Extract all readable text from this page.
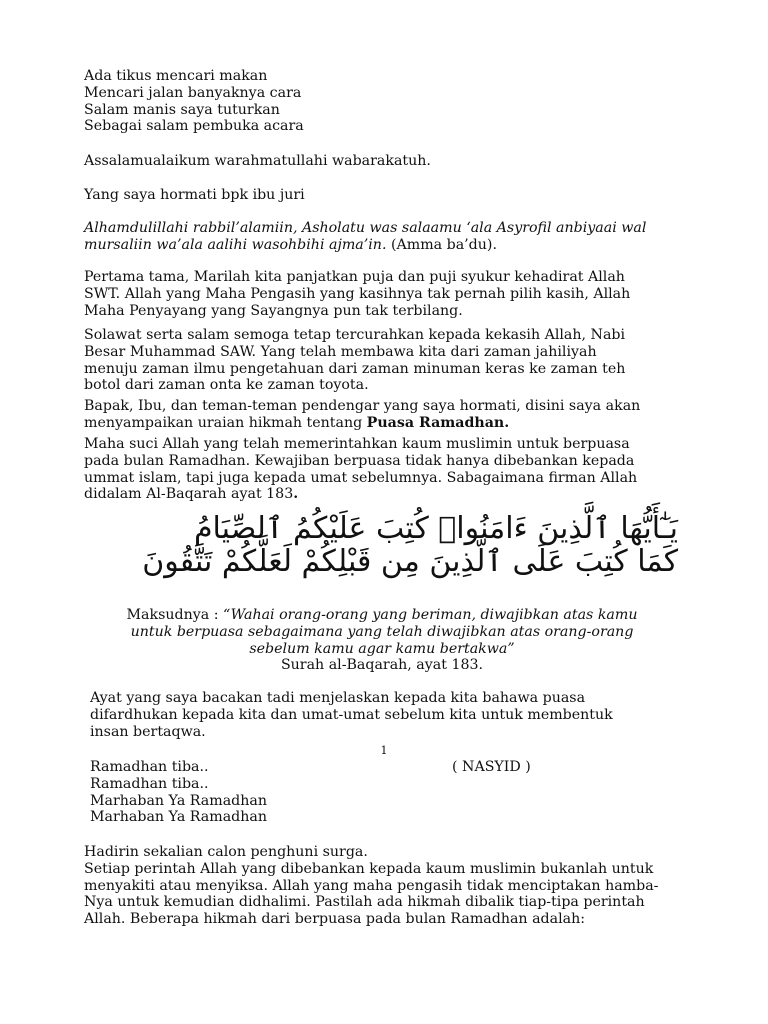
Ada tikus mencari makan
Mencari jalan banyaknya cara
Salam manis saya tuturkan
Sebagai salam pembuka acara
Assalamualaikum warahmatullahi wabarakatuh.
Yang saya hormati bpk ibu juri
Alhamdulillahi rabbil’alamiin, Asholatu was salaamu ‘ala Asyrofil anbiyaai wal
mursaliin wa’ala aalihi wasohbihi ajma’in. (Amma ba’du).
Pertama tama, Marilah kita panjatkan puja dan puji syukur kehadirat Allah
SWT. Allah yang Maha Pengasih yang kasihnya tak pernah pilih kasih, Allah
Maha Penyayang yang Sayangnya pun tak terbilang.
Solawat serta salam semoga tetap tercurahkan kepada kekasih Allah, Nabi
Besar Muhammad SAW. Yang telah membawa kita dari zaman jahiliyah
menuju zaman ilmu pengetahuan dari zaman minuman keras ke zaman teh
botol dari zaman onta ke zaman toyota.
Bapak, Ibu, dan teman-teman pendengar yang saya hormati, disini saya akan
menyampaikan uraian hikmah tentang Puasa Ramadhan.
Maha suci Allah yang telah memerintahkan kaum muslimin untuk berpuasa
pada bulan Ramadhan. Kewajiban berpuasa tidak hanya dibebankan kepada
ummat islam, tapi juga kepada umat sebelumnya. Sabagaimana firman Allah
didalam Al-Baqarah ayat 183.
يَـٰٓأَيُّهَا ٱلَّذِينَ ءَامَنُوا۟ كُتِبَ عَلَيْكُمُ ٱلصِّيَامُ
كَمَا كُتِبَ عَلَى ٱلَّذِينَ مِن قَبْلِكُمْ لَعَلَّكُمْ تَتَّقُونَ
Maksudnya : “Wahai orang-orang yang beriman, diwajibkan atas kamu
untuk berpuasa sebagaimana yang telah diwajibkan atas orang-orang
sebelum kamu agar kamu bertakwa”
Surah al-Baqarah, ayat 183.
Ayat yang saya bacakan tadi menjelaskan kepada kita bahawa puasa
difardhukan kepada kita dan umat-umat sebelum kita untuk membentuk
insan bertaqwa.
1
Ramadhan tiba..
Ramadhan tiba..
Marhaban Ya Ramadhan
Marhaban Ya Ramadhan
( NASYID )
Hadirin sekalian calon penghuni surga.
Setiap perintah Allah yang dibebankan kepada kaum muslimin bukanlah untuk
menyakiti atau menyiksa. Allah yang maha pengasih tidak menciptakan hamba-
Nya untuk kemudian didhalimi. Pastilah ada hikmah dibalik tiap-tipa perintah
Allah. Beberapa hikmah dari berpuasa pada bulan Ramadhan adalah:
